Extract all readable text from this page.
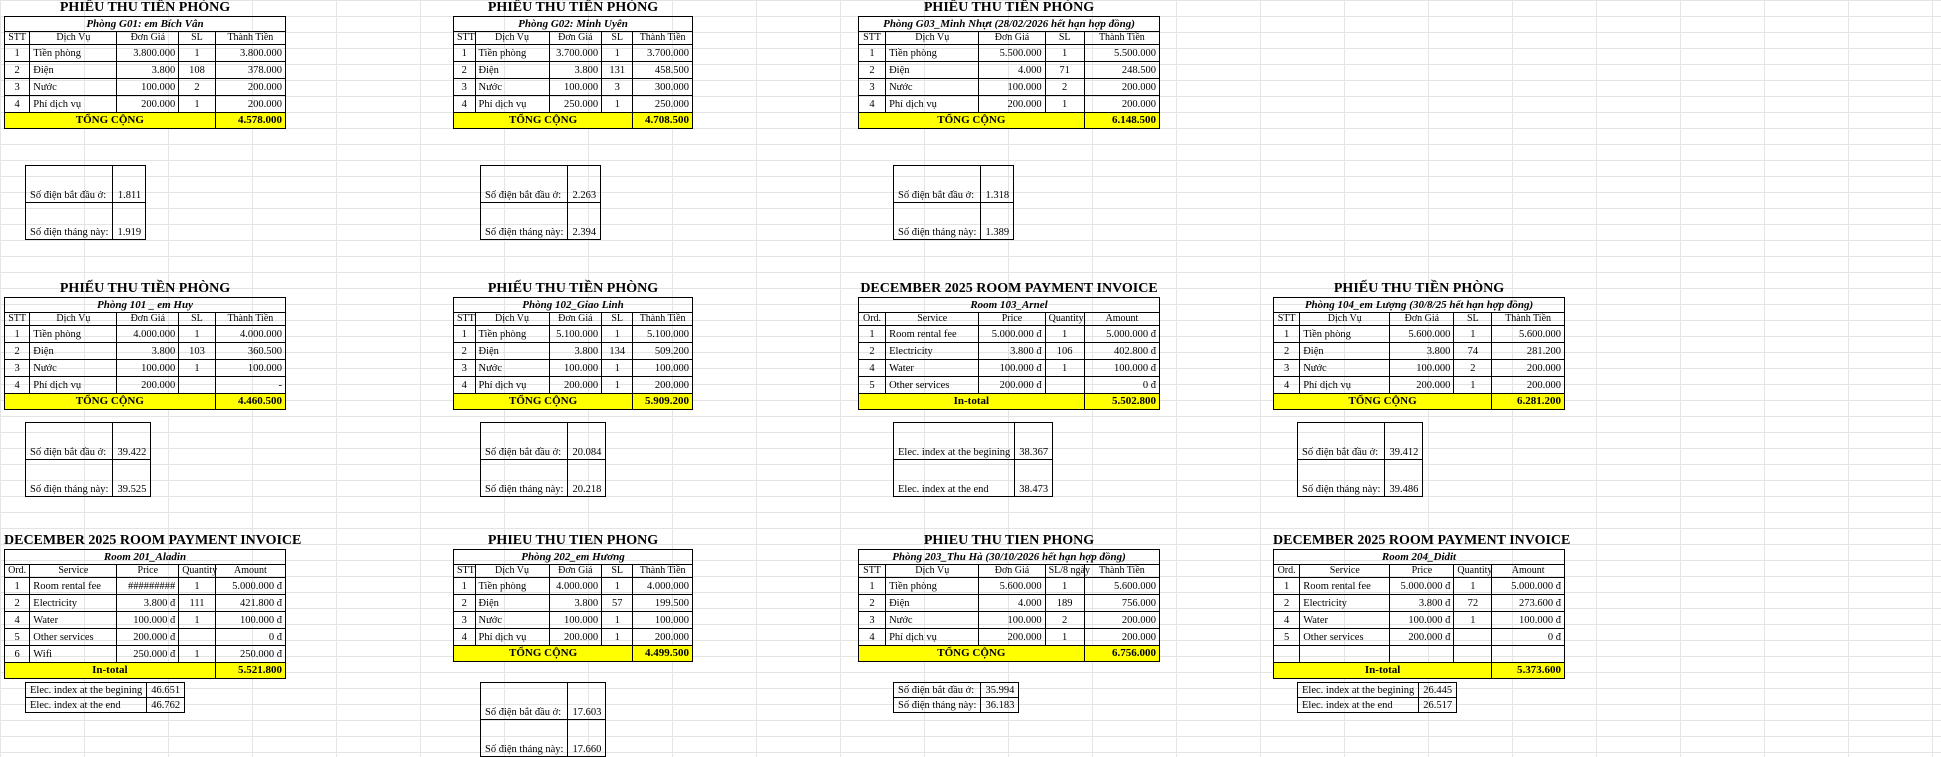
PHIẾU THU TIỀN PHÒNG
Phòng G01: em Bích Vân
STT	Dịch Vụ	Đơn Giá	SL	Thành Tiền
1	Tiền phòng	3.800.000	1	3.800.000
2	Điện	3.800	108	378.000
3	Nước	100.000	2	200.000
4	Phí dịch vụ	200.000	1	200.000
TỔNG CỘNG				4.578.000
PHIẾU THU TIỀN PHÒNG
Phòng G02: Minh Uyên
STT	Dịch Vụ	Đơn Giá	SL	Thành Tiền
1	Tiền phòng	3.700.000	1	3.700.000
2	Điện	3.800	131	458.500
3	Nước	100.000	3	300.000
4	Phí dịch vụ	250.000	1	250.000
TỔNG CỘNG				4.708.500
PHIẾU THU TIỀN PHÒNG
Phòng G03_Minh Nhựt (28/02/2026 hết hạn hợp đồng)
STT	Dịch Vụ	Đơn Giá	SL	Thành Tiền
1	Tiền phòng	5.500.000	1	5.500.000
2	Điện	4.000	71	248.500
3	Nước	100.000	2	200.000
4	Phí dịch vụ	200.000	1	200.000
TỔNG CỘNG				6.148.500
PHIẾU THU TIỀN PHÒNG
Phòng 101 _ em Huy
STT	Dịch Vụ	Đơn Giá	SL	Thành Tiền
1	Tiền phòng	4.000.000	1	4.000.000
2	Điện	3.800	103	360.500
3	Nước	100.000	1	100.000
4	Phí dịch vụ	200.000		-
TỔNG CỘNG				4.460.500
PHIẾU THU TIỀN PHÒNG
Phòng 102_Giao Linh
STT	Dịch Vụ	Đơn Giá	SL	Thành Tiền
1	Tiền phòng	5.100.000	1	5.100.000
2	Điện	3.800	134	509.200
3	Nước	100.000	1	100.000
4	Phí dịch vụ	200.000	1	200.000
TỔNG CỘNG				5.909.200
DECEMBER 2025 ROOM PAYMENT INVOICE
Room 103_Arnel
Ord.	Service	Price	Quantity	Amount
1	Room rental fee	5.000.000 đ	1	5.000.000 đ
2	Electricity	3.800 đ	106	402.800 đ
4	Water	100.000 đ	1	100.000 đ
5	Other services	200.000 đ		0 đ
In-total				5.502.800
PHIẾU THU TIỀN PHÒNG
Phòng 104_em Lượng (30/8/25 hết hạn hợp đồng)
STT	Dịch Vụ	Đơn Giá	SL	Thành Tiền
1	Tiền phòng	5.600.000	1	5.600.000
2	Điện	3.800	74	281.200
3	Nước	100.000	2	200.000
4	Phí dịch vụ	200.000	1	200.000
TỔNG CỘNG				6.281.200
DECEMBER 2025 ROOM PAYMENT INVOICE
Room 201_Aladin
Ord.	Service	Price	Quantity	Amount
1	Room rental fee	#########	1	5.000.000 đ
2	Electricity	3.800 đ	111	421.800 đ
4	Water	100.000 đ	1	100.000 đ
5	Other services	200.000 đ		0 đ
6	Wifi	250.000 đ	1	250.000 đ
In-total				5.521.800
PHIEU THU TIEN PHONG
Phòng 202_em Hương
STT	Dịch Vụ	Đơn Giá	SL	Thành Tiền
1	Tiền phòng	4.000.000	1	4.000.000
2	Điện	3.800	57	199.500
3	Nước	100.000	1	100.000
4	Phí dịch vụ	200.000	1	200.000
TỔNG CỘNG				4.499.500
PHIEU THU TIEN PHONG
Phòng 203_Thu Hà (30/10/2026 hết hạn hợp đồng)
STT	Dịch Vụ	Đơn Giá	SL/8 ngày	Thành Tiền
1	Tiền phòng	5.600.000	1	5.600.000
2	Điện	4.000	189	756.000
3	Nước	100.000	2	200.000
4	Phí dịch vụ	200.000	1	200.000
TỔNG CỘNG				6.756.000
DECEMBER 2025 ROOM PAYMENT INVOICE
Room 204_Didit
Ord.	Service	Price	Quantity	Amount
1	Room rental fee	5.000.000 đ	1	5.000.000 đ
2	Electricity	3.800 đ	72	273.600 đ
4	Water	100.000 đ	1	100.000 đ
5	Other services	200.000 đ		0 đ

In-total				5.373.600
Số điện bắt đầu ở:	1.811
Số điện tháng này:	1.919
Số điện bắt đầu ở:	2.263
Số điện tháng này:	2.394
Số điện bắt đầu ở:	1.318
Số điện tháng này:	1.389
Số điện bắt đầu ở:	39.422
Số điện tháng này:	39.525
Số điện bắt đầu ở:	20.084
Số điện tháng này:	20.218
Elec. index at the begining	38.367
Elec. index at the end	38.473
Số điện bắt đầu ở:	39.412
Số điện tháng này:	39.486
Elec. index at the begining	46.651
Elec. index at the end	46.762
Số điện bắt đầu ở:	17.603
Số điện tháng này:	17.660
Số điện bắt đầu ở:	35.994
Số điện tháng này:	36.183
Elec. index at the begining	26.445
Elec. index at the end	26.517
